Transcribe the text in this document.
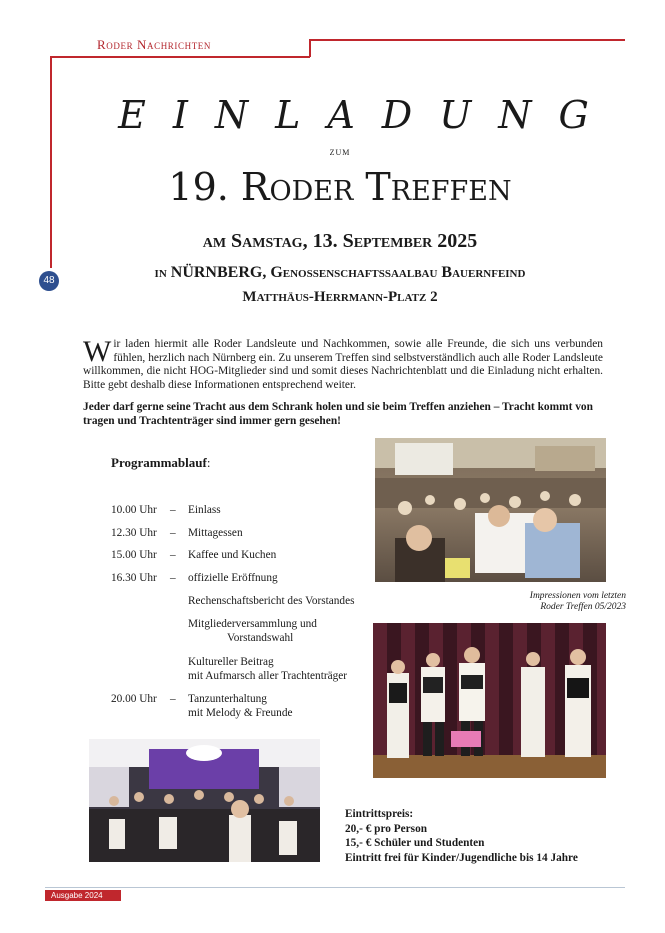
Roder Nachrichten
48
EINLADUNG
zum
19. Roder Treffen
am Samstag, 13. September 2025
in NÜRNBERG, Genossenschaftssaalbau Bauernfeind
Matthäus-Herrmann-Platz 2
Wir laden hiermit alle Roder Landsleute und Nachkommen, sowie alle Freunde, die sich uns verbunden fühlen, herzlich nach Nürnberg ein. Zu unserem Treffen sind selbstverständlich auch alle Roder Landsleute willkommen, die nicht HOG-Mitglieder sind und somit dieses Nachrichtenblatt und die Einladung nicht erhalten. Bitte gebt deshalb diese Informationen entsprechend weiter.
Jeder darf gerne seine Tracht aus dem Schrank holen und sie beim Treffen anziehen – Tracht kommt von tragen und Trachtenträger sind immer gern gesehen!
Programmablauf:
10.00 Uhr – Einlass
12.30 Uhr – Mittagessen
15.00 Uhr – Kaffee und Kuchen
16.30 Uhr – offizielle Eröffnung
Rechenschaftsbericht des Vorstandes
Mitgliederversammlung und
Vorstandswahl
Kultureller Beitrag
mit Aufmarsch aller Trachtenträger
20.00 Uhr – Tanzunterhaltung
mit Melody & Freunde
Impressionen vom letzten
Roder Treffen 05/2023
Eintrittspreis:
20,- € pro Person
15,- € Schüler und Studenten
Eintritt frei für Kinder/Jugendliche bis 14 Jahre
Ausgabe 2024
